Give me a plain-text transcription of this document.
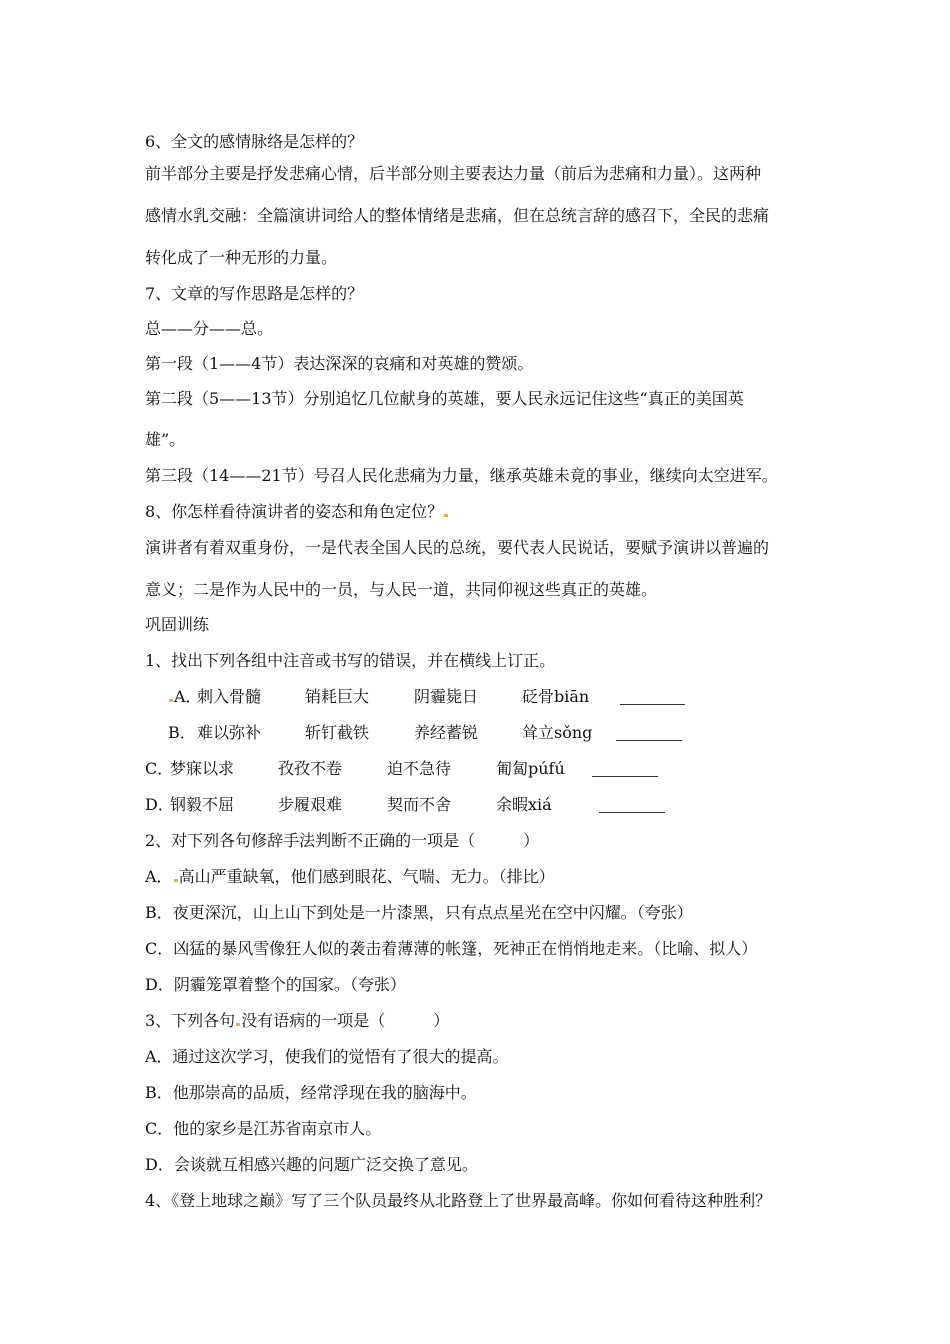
6、全文的感情脉络是怎样的？
前半部分主要是抒发悲痛心情，后半部分则主要表达力量（前后为悲痛和力量）。这两种
感情水乳交融：全篇演讲词给人的整体情绪是悲痛，但在总统言辞的感召下，全民的悲痛
转化成了一种无形的力量。
7、文章的写作思路是怎样的？
总——分——总。
第一段（1——4节）表达深深的哀痛和对英雄的赞颂。
第二段（5——13节）分别追忆几位献身的英雄，要人民永远记住这些“真正的美国英
雄”。
第三段（14——21节）号召人民化悲痛为力量，继承英雄未竟的事业，继续向太空进军。
8、你怎样看待演讲者的姿态和角色定位？
演讲者有着双重身份，一是代表全国人民的总统，要代表人民说话，要赋予演讲以普遍的
意义；二是作为人民中的一员，与人民一道，共同仰视这些真正的英雄。
巩固训练
1、找出下列各组中注音或书写的错误，并在横线上订正。
A．
刺入骨髓	销耗巨大	阴霾毙日	砭骨biān
B． 难以弥补	斩钉截铁	养经蓄锐	耸立sǒng
C．
梦寐以求	孜孜不卷	迫不急待	匍匐púfú
D．
钢毅不屈	步履艰难	契而不舍	余暇xiá
2、对下列各句修辞手法判断不正确的一项是（　　　）
A． 高山严重缺氧，他们感到眼花、气喘、无力。（排比）
B．夜更深沉，山上山下到处是一片漆黑，只有点点星光在空中闪耀。（夸张）
C．凶猛的暴风雪像狂人似的袭击着薄薄的帐篷，死神正在悄悄地走来。（比喻、拟人）
D．阴霾笼罩着整个的国家。（夸张）
3、下列各句 没有语病的一项是（　　　）
A．通过这次学习，使我们的觉悟有了很大的提高。
B．他那崇高的品质，经常浮现在我的脑海中。
C．他的家乡是江苏省南京市人。
D．会谈就互相感兴趣的问题广泛交换了意见。
4、《登上地球之巅》写了三个队员最终从北路登上了世界最高峰。你如何看待这种胜利？
